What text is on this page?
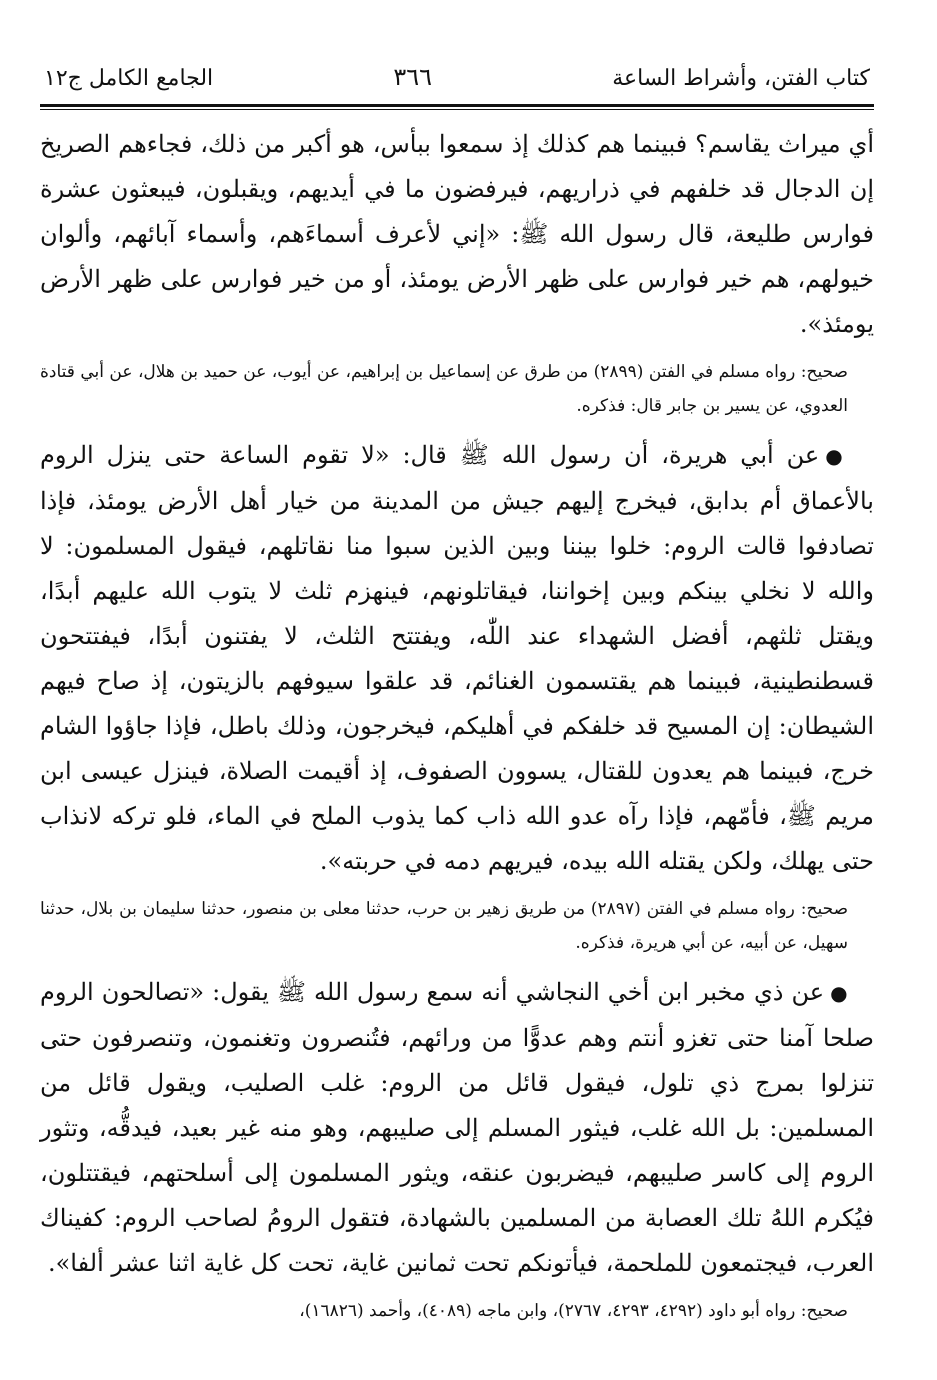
كتاب الفتن، وأشراط الساعة
٣٦٦
الجامع الكامل ج١٢

أي ميراث يقاسم؟ فبينما هم كذلك إذ سمعوا ببأس، هو أكبر من ذلك، فجاءهم الصريخ إن الدجال قد خلفهم في ذراريهم، فيرفضون ما في أيديهم، ويقبلون، فيبعثون عشرة فوارس طليعة، قال رسول الله ﷺ: «إني لأعرف أسماءَهم، وأسماء آبائهم، وألوان خيولهم، هم خير فوارس على ظهر الأرض يومئذ، أو من خير فوارس على ظهر الأرض يومئذ».

صحيح: رواه مسلم في الفتن (٢٨٩٩) من طرق عن إسماعيل بن إبراهيم، عن أيوب، عن حميد بن هلال، عن أبي قتادة العدوي، عن يسير بن جابر قال: فذكره.

●عن أبي هريرة، أن رسول الله ﷺ قال: «لا تقوم الساعة حتى ينزل الروم بالأعماق أم بدابق، فيخرج إليهم جيش من المدينة من خيار أهل الأرض يومئذ، فإذا تصادفوا قالت الروم: خلوا بيننا وبين الذين سبوا منا نقاتلهم، فيقول المسلمون: لا والله لا نخلي بينكم وبين إخواننا، فيقاتلونهم، فينهزم ثلث لا يتوب الله عليهم أبدًا، ويقتل ثلثهم، أفضل الشهداء عند اللّٰه، ويفتتح الثلث، لا يفتنون أبدًا، فيفتتحون قسطنطينية، فبينما هم يقتسمون الغنائم، قد علقوا سيوفهم بالزيتون، إذ صاح فيهم الشيطان: إن المسيح قد خلفكم في أهليكم، فيخرجون، وذلك باطل، فإذا جاؤوا الشام خرج، فبينما هم يعدون للقتال، يسوون الصفوف، إذ أقيمت الصلاة، فينزل عيسى ابن مريم ﷺ، فأمّهم، فإذا رآه عدو الله ذاب كما يذوب الملح في الماء، فلو تركه لانذاب حتى يهلك، ولكن يقتله الله بيده، فيريهم دمه في حربته».

صحيح: رواه مسلم في الفتن (٢٨٩٧) من طريق زهير بن حرب، حدثنا معلى بن منصور، حدثنا سليمان بن بلال، حدثنا سهيل، عن أبيه، عن أبي هريرة، فذكره.

●عن ذي مخبر ابن أخي النجاشي أنه سمع رسول الله ﷺ يقول: «تصالحون الروم صلحا آمنا حتى تغزو أنتم وهم عدوًّا من ورائهم، فتُنصرون وتغنمون، وتنصرفون حتى تنزلوا بمرج ذي تلول، فيقول قائل من الروم: غلب الصليب، ويقول قائل من المسلمين: بل الله غلب، فيثور المسلم إلى صليبهم، وهو منه غير بعيد، فيدقُّه، وتثور الروم إلى كاسر صليبهم، فيضربون عنقه، ويثور المسلمون إلى أسلحتهم، فيقتتلون، فيُكرم اللهُ تلك العصابة من المسلمين بالشهادة، فتقول الرومُ لصاحب الروم: كفيناك العرب، فيجتمعون للملحمة، فيأتونكم تحت ثمانين غاية، تحت كل غاية اثنا عشر ألفا».

صحيح: رواه أبو داود (٤٢٩٢، ٤٢٩٣، ٢٧٦٧)، وابن ماجه (٤٠٨٩)، وأحمد (١٦٨٢٦)،
